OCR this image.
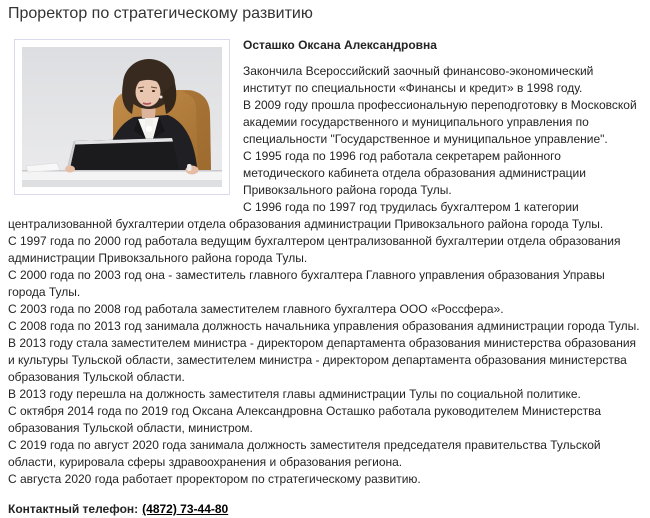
Проректор по стратегическому развитию
Осташко Оксана Александровна
Закончила Всероссийский заочный финансово-экономический институт по специальности «Финансы и кредит» в 1998 году.
В 2009 году прошла профессиональную переподготовку в Московской академии государственного и муниципального управления по специальности "Государственное и муниципальное управление".
С 1995 года по 1996 год работала секретарем районного методического кабинета отдела образования администрации Привокзального района города Тулы.
С 1996 года по 1997 год трудилась бухгалтером 1 категории централизованной бухгалтерии отдела образования администрации Привокзального района города Тулы.
С 1997 года по 2000 год работала ведущим бухгалтером централизованной бухгалтерии отдела образования администрации Привокзального района города Тулы.
С 2000 года по 2003 год она - заместитель главного бухгалтера Главного управления образования Управы города Тулы.
С 2003 года по 2008 год работала заместителем главного бухгалтера ООО «Россфера».
С 2008 года по 2013 год занимала должность начальника управления образования администрации города Тулы.
В 2013 году стала заместителем министра - директором департамента образования министерства образования и культуры Тульской области, заместителем министра - директором департамента образования министерства образования Тульской области.
В 2013 году перешла на должность заместителя главы администрации Тулы по социальной политике.
С октября 2014 года по 2019 год Оксана Александровна Осташко работала руководителем Министерства образования Тульской области, министром.
С 2019 года по август 2020 года занимала должность заместителя председателя правительства Тульской области, курировала сферы здравоохранения и образования региона.
С августа 2020 года работает проректором по стратегическому развитию.
Контактный телефон: (4872) 73-44-80
